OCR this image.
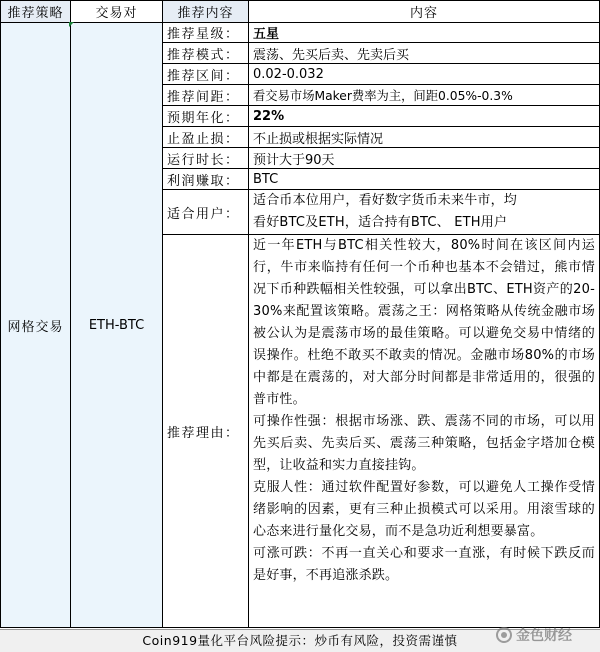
推荐策略	交易对	推荐内容	内容
网格交易	ETH-BTC	推荐星级：	五星
		推荐模式：	震荡、先买后卖、先卖后买
		推荐区间：	0.02-0.032
		推荐间距：	看交易市场Maker费率为主，间距0.05%-0.3%
		预期年化：	22%
		止盈止损：	不止损或根据实际情况
		运行时长：	预计大于90天
		利润赚取：	BTC
		适合用户：	适合币本位用户，看好数字货币未来牛市，均
看好BTC及ETH，适合持有BTC、 ETH用户

		推荐理由：	近一年ETH与BTC相关性较大，80%时间在该区间内运行，牛市来临持有任何一个币种也基本不会错过，熊市情况下币种跌幅相关性较强，可以拿出BTC、ETH资产的20-30%来配置该策略。震荡之王：网格策略从传统金融市场被公认为是震荡市场的最佳策略。可以避免交易中情绪的误操作。杜绝不敢买不敢卖的情况。金融市场80%的市场中都是在震荡的，对大部分时间都是非常适用的，很强的普市性。

可操作性强：根据市场涨、跌、震荡不同的市场，可以用先买后卖、先卖后买、震荡三种策略，包括金字塔加仓模型，让收益和实力直接挂钩。

克服人性：通过软件配置好参数，可以避免人工操作受情绪影响的因素，更有三种止损模式可以采用。用滚雪球的心态来进行量化交易，而不是急功近利想要暴富。

可涨可跌：不再一直关心和要求一直涨，有时候下跌反而是好事，不再追涨杀跌。

Coin919量化平台风险提示：炒币有风险，投资需谨慎	金色财经
